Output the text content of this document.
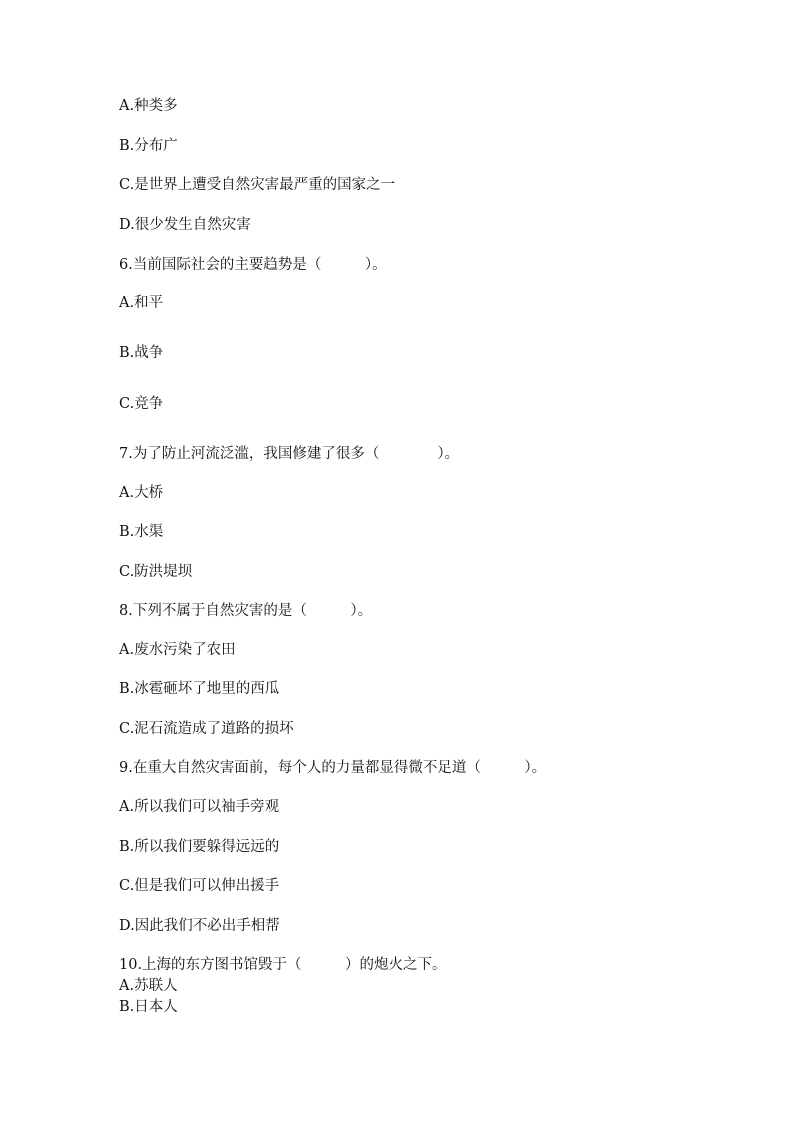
A.种类多
B.分布广
C.是世界上遭受自然灾害最严重的国家之一
D.很少发生自然灾害
6.当前国际社会的主要趋势是（　　　）。
A.和平
B.战争
C.竞争
7.为了防止河流泛滥，我国修建了很多（　　　　）。
A.大桥
B.水渠
C.防洪堤坝
8.下列不属于自然灾害的是（　　　）。
A.废水污染了农田
B.冰雹砸坏了地里的西瓜
C.泥石流造成了道路的损坏
9.在重大自然灾害面前，每个人的力量都显得微不足道（　　　）。
A.所以我们可以袖手旁观
B.所以我们要躲得远远的
C.但是我们可以伸出援手
D.因此我们不必出手相帮
10.上海的东方图书馆毁于（　　　）的炮火之下。
A.苏联人
B.日本人
